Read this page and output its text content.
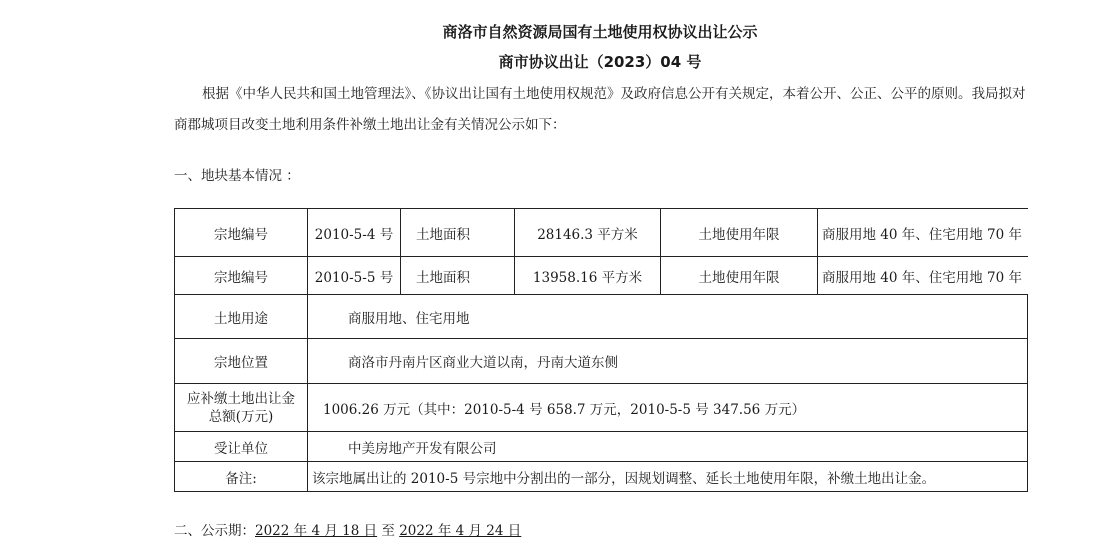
商洛市自然资源局国有土地使用权协议出让公示
商市协议出让（2023）04 号
根据《中华人民共和国土地管理法》、《协议出让国有土地使用权规范》及政府信息公开有关规定，本着公开、公正、公平的原则。我局拟对商郡城项目改变土地利用条件补缴土地出让金有关情况公示如下：
一、地块基本情况 ：
宗地编号	2010-5-4 号	土地面积	28146.3 平方米	土地使用年限	商服用地 40 年、住宅用地 70 年
宗地编号	2010-5-5 号	土地面积	13958.16 平方米	土地使用年限	商服用地 40 年、住宅用地 70 年
土地用途	商服用地、住宅用地				
宗地位置	商洛市丹南片区商业大道以南，丹南大道东侧				
应补缴土地出让金
总额(万元)	1006.26 万元（其中：2010-5-4 号 658.7 万元，2010-5-5 号 347.56 万元）				
受让单位	中美房地产开发有限公司				
备注:	该宗地属出让的 2010-5 号宗地中分割出的一部分，因规划调整、延长土地使用年限，补缴土地出让金。				
二、公示期：2022 年 4 月 18 日 至 2022 年 4 月 24 日
